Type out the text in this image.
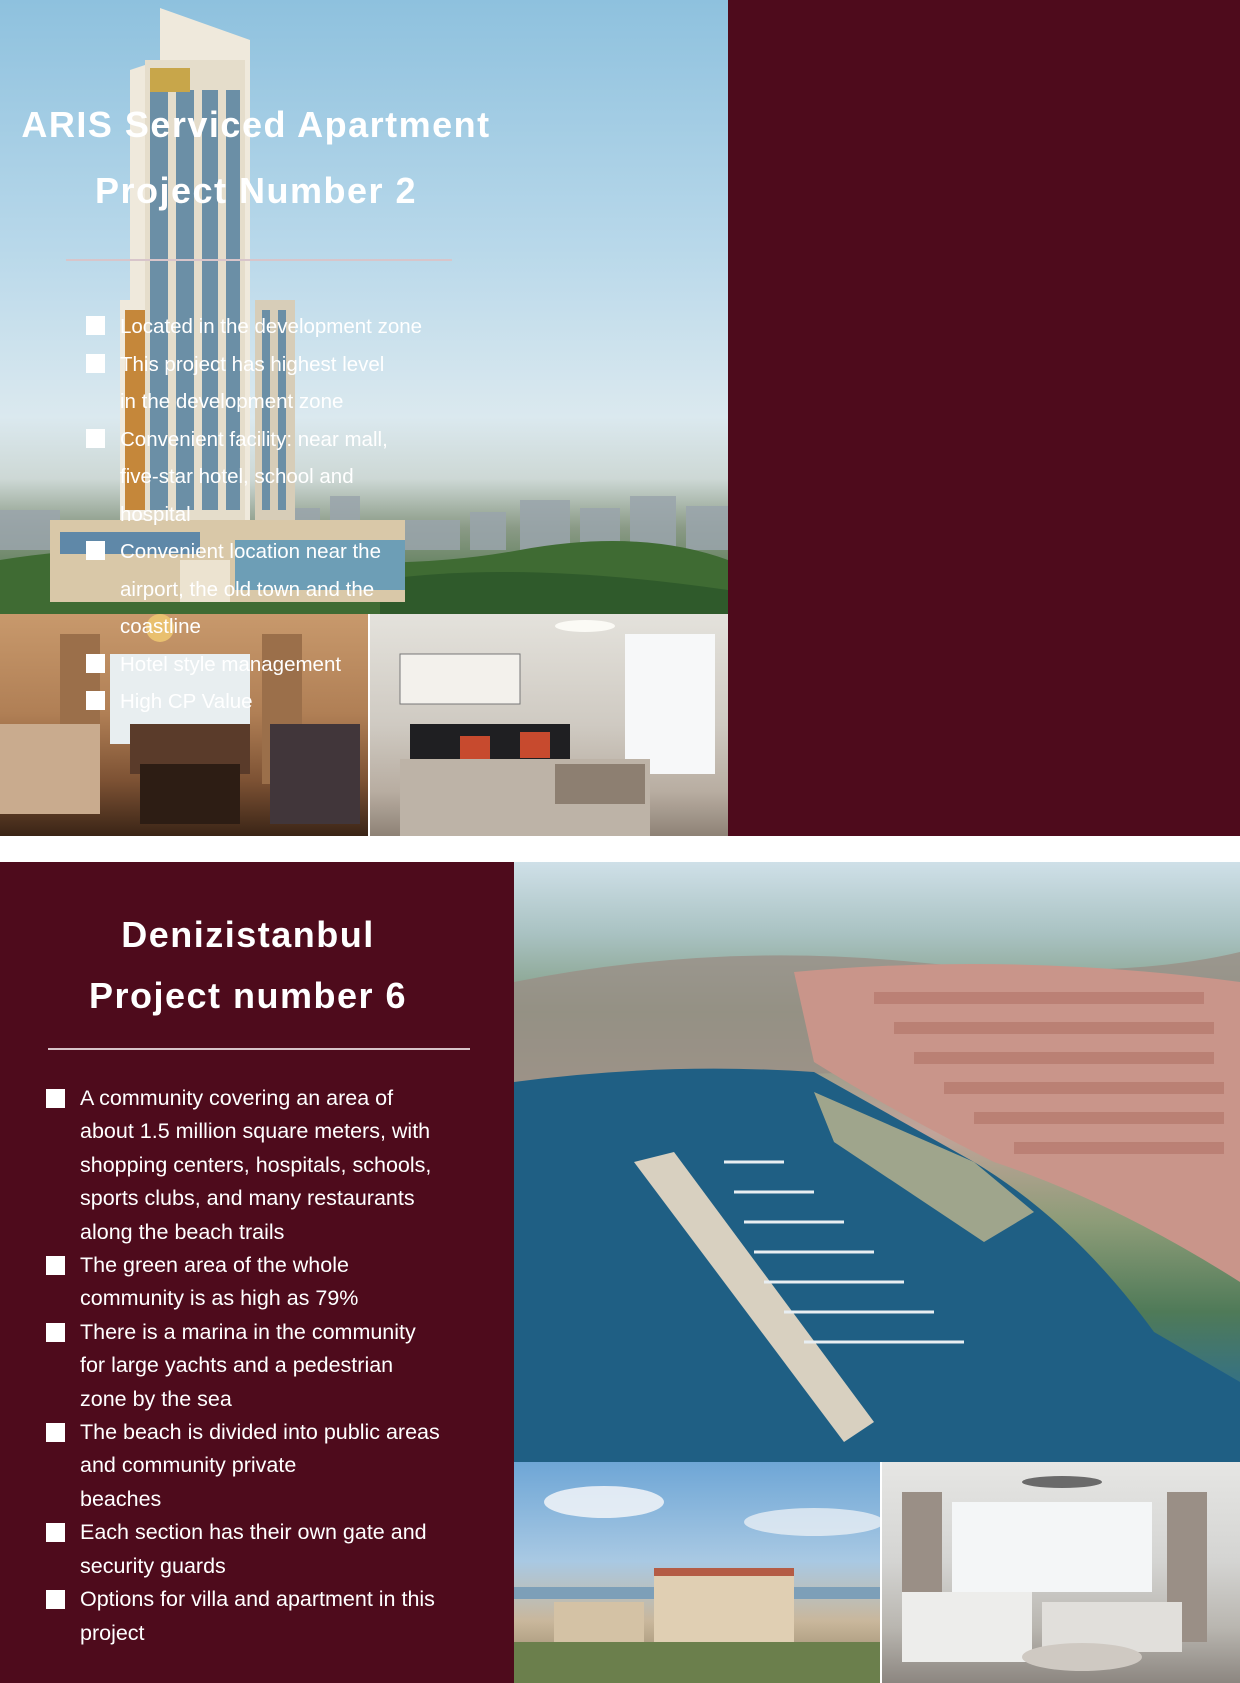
ARIS Serviced Apartment
Project Number 2
Located in the development zone
This project has highest level
in the development zone
Convenient facility: near mall,
five-star hotel, school and
hospital
Convenient location near the
airport, the old town and the
coastline
Hotel style management
High CP Value
Denizistanbul
Project number 6
A community covering an area of
about 1.5 million square meters, with
shopping centers, hospitals, schools,
sports clubs, and many restaurants
along the beach trails
The green area of the whole
community is as high as 79%
There is a marina in the community
for large yachts and a pedestrian
zone by the sea
The beach is divided into public areas
and community private
beaches
Each section has their own gate and
security guards
Options for villa and apartment in this
project
